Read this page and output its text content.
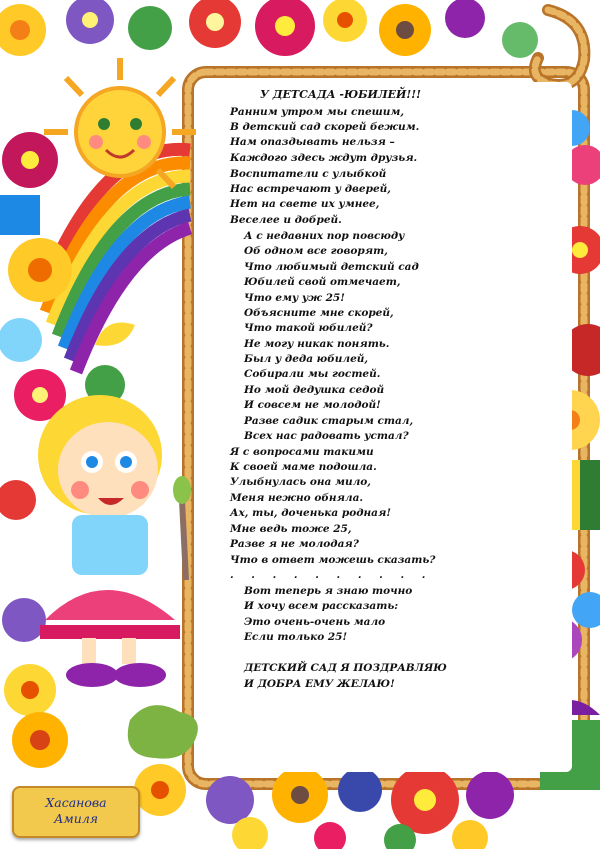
У ДЕТСАДА -ЮБИЛЕЙ!!!

Ранним утром мы спешим,

В детский сад скорей бежим.

Нам опаздывать нельзя –

Каждого здесь ждут друзья.

Воспитатели с улыбкой

Нас встречают у дверей,

Нет на свете их умнее,

Веселее и добрей.

А с недавних пор повсюду

Об одном все говорят,

Что любимый детский сад

Юбилей свой отмечает,

Что ему уж 25!

Объясните мне скорей,

Что такой юбилей?

Не могу никак понять.

Был у деда юбилей,

Собирали мы гостей.

Но мой дедушка седой

И совсем не молодой!

Разве садик старым стал,

Всех нас радовать устал?

Я с вопросами такими

К своей маме подошла.

Улыбнулась она мило,

Меня нежно обняла.

Ах, ты, доченька родная!

Мне ведь тоже 25,

Разве я не молодая?

Что в ответ можешь сказать?

. . . . . . . . . .

Вот теперь я знаю точно

И хочу всем рассказать:

Это очень-очень мало

Если только 25!

ДЕТСКИЙ САД Я ПОЗДРАВЛЯЮ

И ДОБРА ЕМУ ЖЕЛАЮ!

Хасанова
Амиля
